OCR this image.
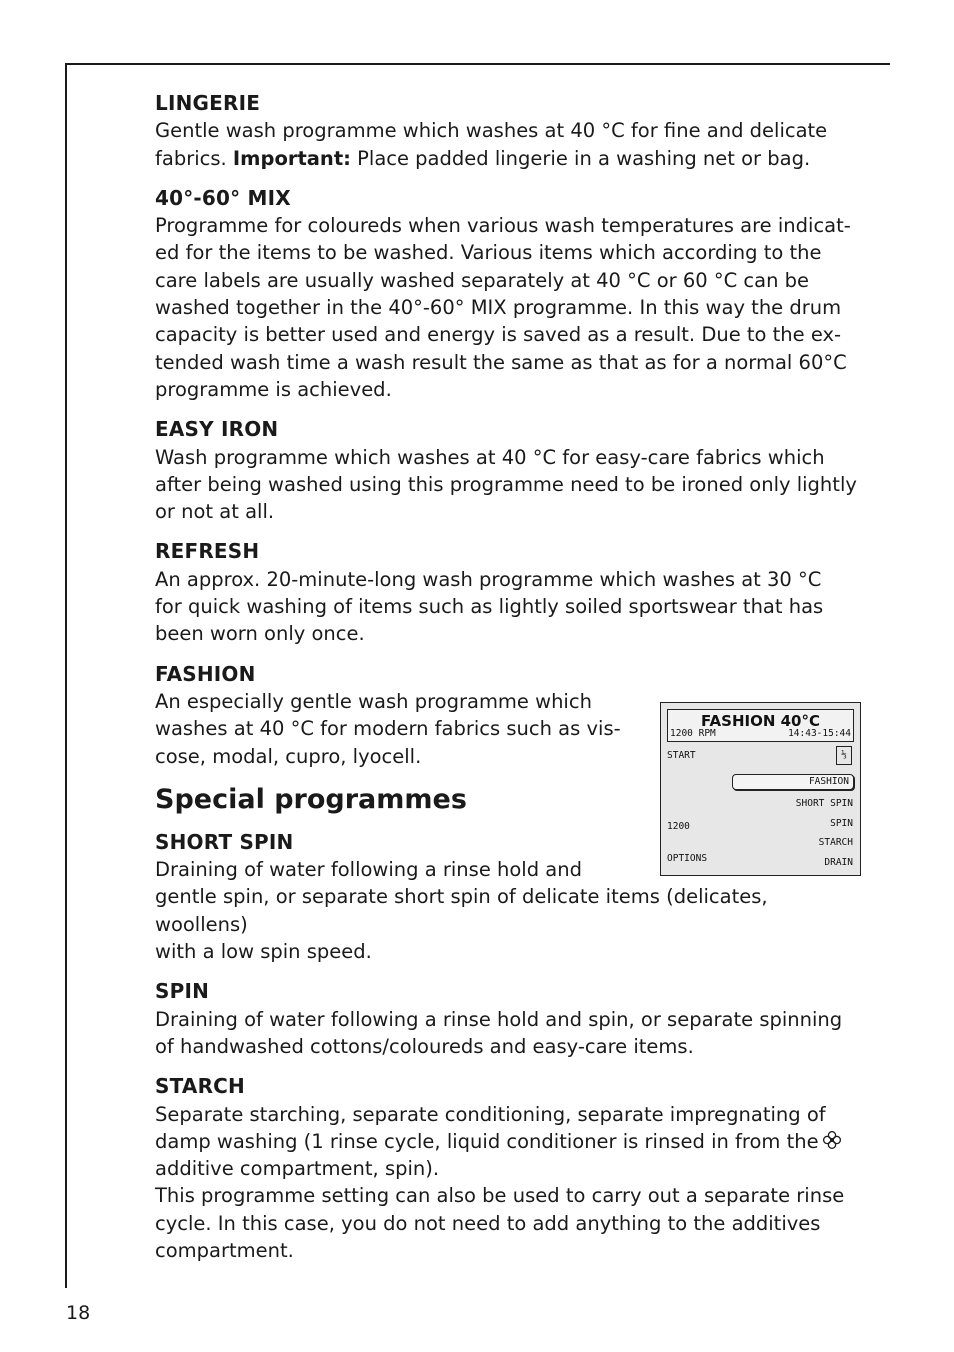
LINGERIE
Gentle wash programme which washes at 40 °C for fine and delicate
fabrics. Important: Place padded lingerie in a washing net or bag.
40°-60° MIX
Programme for coloureds when various wash temperatures are indicat-
ed for the items to be washed. Various items which according to the
care labels are usually washed separately at 40 °C or 60 °C can be
washed together in the 40°-60° MIX programme. In this way the drum
capacity is better used and energy is saved as a result. Due to the ex-
tended wash time a wash result the same as that as for a normal 60°C
programme is achieved.
EASY IRON
Wash programme which washes at 40 °C for easy-care fabrics which
after being washed using this programme need to be ironed only lightly
or not at all.
REFRESH
An approx. 20-minute-long wash programme which washes at 30 °C
for quick washing of items such as lightly soiled sportswear that has
been worn only once.
FASHION
An especially gentle wash programme which
washes at 40 °C for modern fabrics such as vis-
cose, modal, cupro, lyocell.
Special programmes
SHORT SPIN
Draining of water following a rinse hold and
gentle spin, or separate short spin of delicate items (delicates, woollens)
with a low spin speed.
SPIN
Draining of water following a rinse hold and spin, or separate spinning
of handwashed cottons/coloureds and easy-care items.
STARCH
Separate starching, separate conditioning, separate impregnating of
damp washing (1 rinse cycle, liquid conditioner is rinsed in from the
additive compartment, spin).
This programme setting can also be used to carry out a separate rinse
cycle. In this case, you do not need to add anything to the additives
compartment.
FASHION 40°C
1200 RPM	14:43-15:44
START	⅓
FASHION
SHORT SPIN
SPIN
STARCH
DRAIN
1200
OPTIONS
18
